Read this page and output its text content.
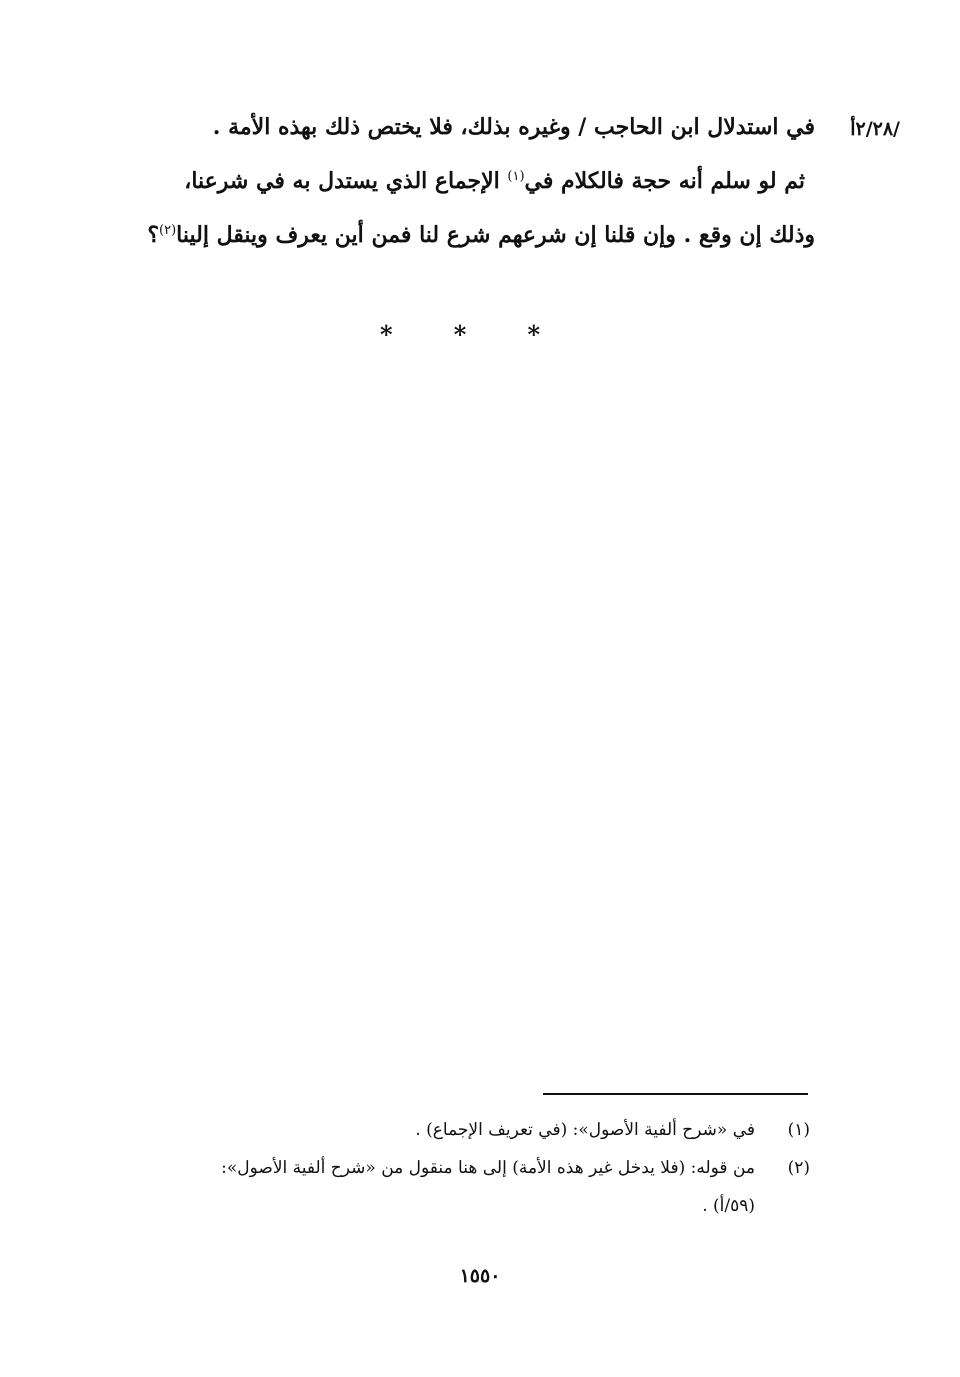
/٢/٢٨أ
في استدلال ابن الحاجب / وغيره بذلك، فلا يختص ذلك بهذه الأمة .
ثم لو سلم أنه حجة فالكلام في$^{(١)}$ الإجماع الذي يستدل به في شرعنا،
وذلك إن وقع . وإن قلنا إن شرعهم شرع لنا فمن أين يعرف وينقل إلينا$^{(٢)}$؟
*	*	*
(١)في «شرح ألفية الأصول»: (في تعريف الإجماع) .
(٢)من قوله: (فلا يدخل غير هذه الأمة) إلى هنا منقول من «شرح ألفية الأصول»:
(٥٩/أ) .
١٥٥٠
